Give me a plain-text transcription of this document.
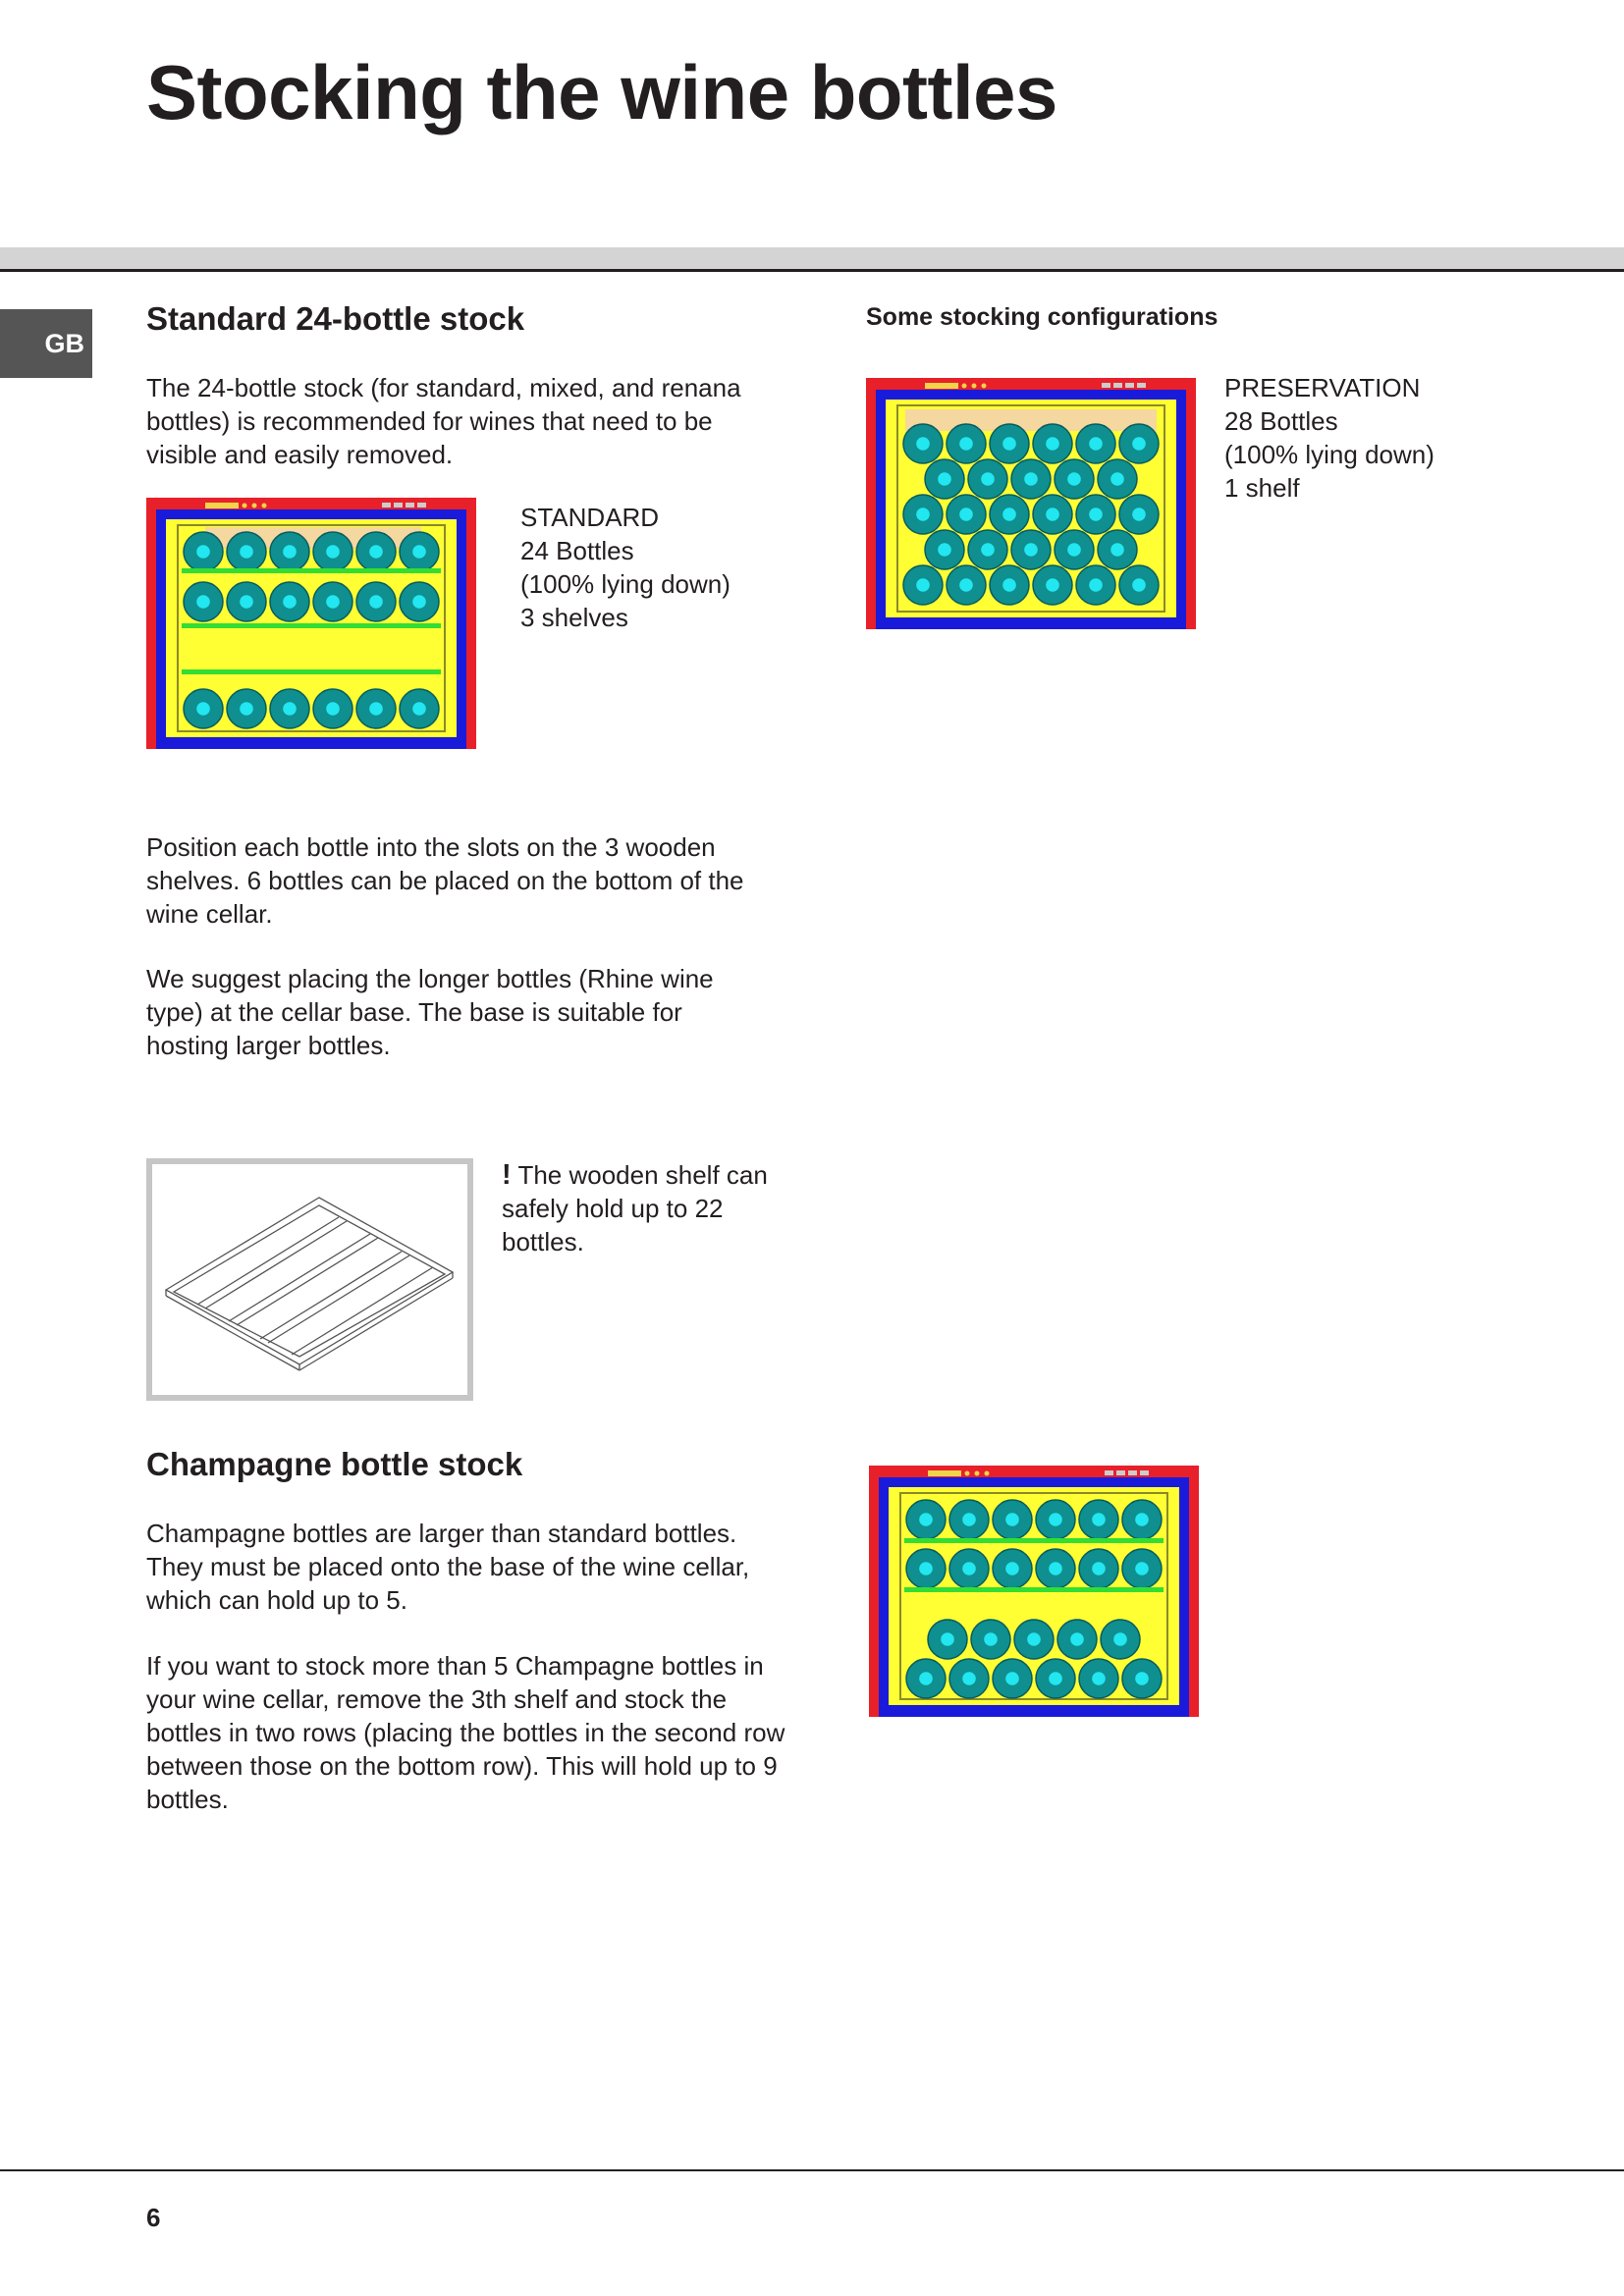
Stocking the wine bottles
GB
Standard 24-bottle stock

The 24-bottle stock (for standard, mixed, and renana bottles) is recommended for wines that need to be visible and easily removed.

STANDARD
24 Bottles
(100% lying down)
3 shelves

Position each bottle into the slots on the 3 wooden shelves. 6 bottles can be placed on the bottom of the wine cellar.

We suggest placing the longer bottles (Rhine wine type) at the cellar base. The base is suitable for hosting larger bottles.

! The wooden shelf can safely hold up to 22 bottles.
Champagne bottle stock

Champagne bottles are larger than standard bottles. They must be placed onto the base of the wine cellar, which can hold up to 5.

If you want to stock more than 5 Champagne bottles in your wine cellar, remove the 3th shelf and stock the bottles in two rows (placing the bottles in the second row between those on the bottom row). This will hold up to 9 bottles.

Some stocking configurations
PRESERVATION
28 Bottles
(100% lying down)
1 shelf
6
